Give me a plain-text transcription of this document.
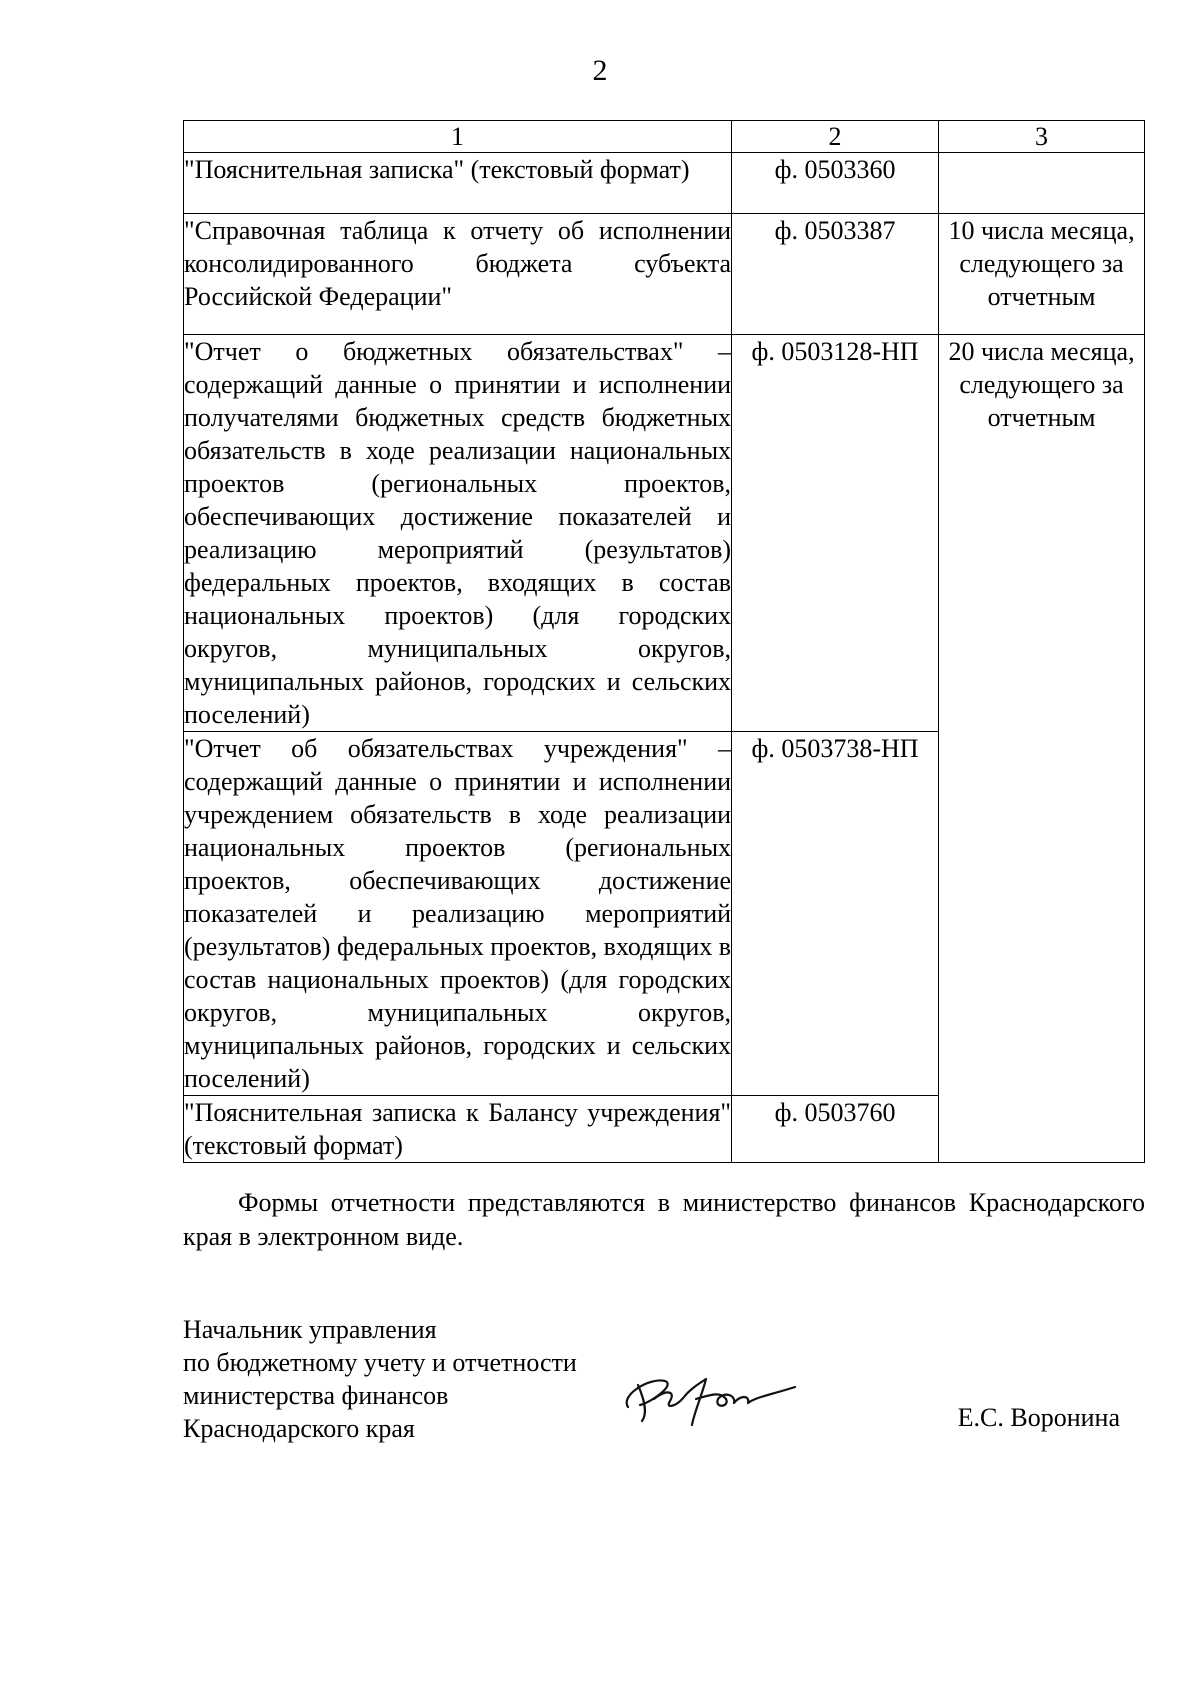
2
1	2	3
"Пояснительная записка" (текстовый формат)	ф. 0503360	
"Справочная таблица к отчету об исполнении консолидированного бюджета субъекта Российской Федерации"	ф. 0503387	10 числа месяца, следующего за отчетным
"Отчет о бюджетных обязательствах" – содержащий данные о принятии и исполнении получателями бюджетных средств бюджетных обязательств в ходе реализации национальных проектов (региональных проектов, обеспечивающих достижение показателей и реализацию мероприятий (результатов) федеральных проектов, входящих в состав национальных проектов) (для городских округов, муниципальных округов, муниципальных районов, городских и сельских поселений)	ф. 0503128-НП	20 числа месяца, следующего за отчетным
"Отчет об обязательствах учреждения" – содержащий данные о принятии и исполнении учреждением обязательств в ходе реализации национальных проектов (региональных проектов, обеспечивающих достижение показателей и реализацию мероприятий (результатов) федеральных проектов, входящих в состав национальных проектов) (для городских округов, муниципальных округов, муниципальных районов, городских и сельских поселений)	ф. 0503738-НП	
"Пояснительная записка к Балансу учреждения" (текстовый формат)	ф. 0503760	
Формы отчетности представляются в министерство финансов Краснодарского края в электронном виде.
Начальник управления
по бюджетному учету и отчетности
министерства финансов
Краснодарского края	Е.С. Воронина
